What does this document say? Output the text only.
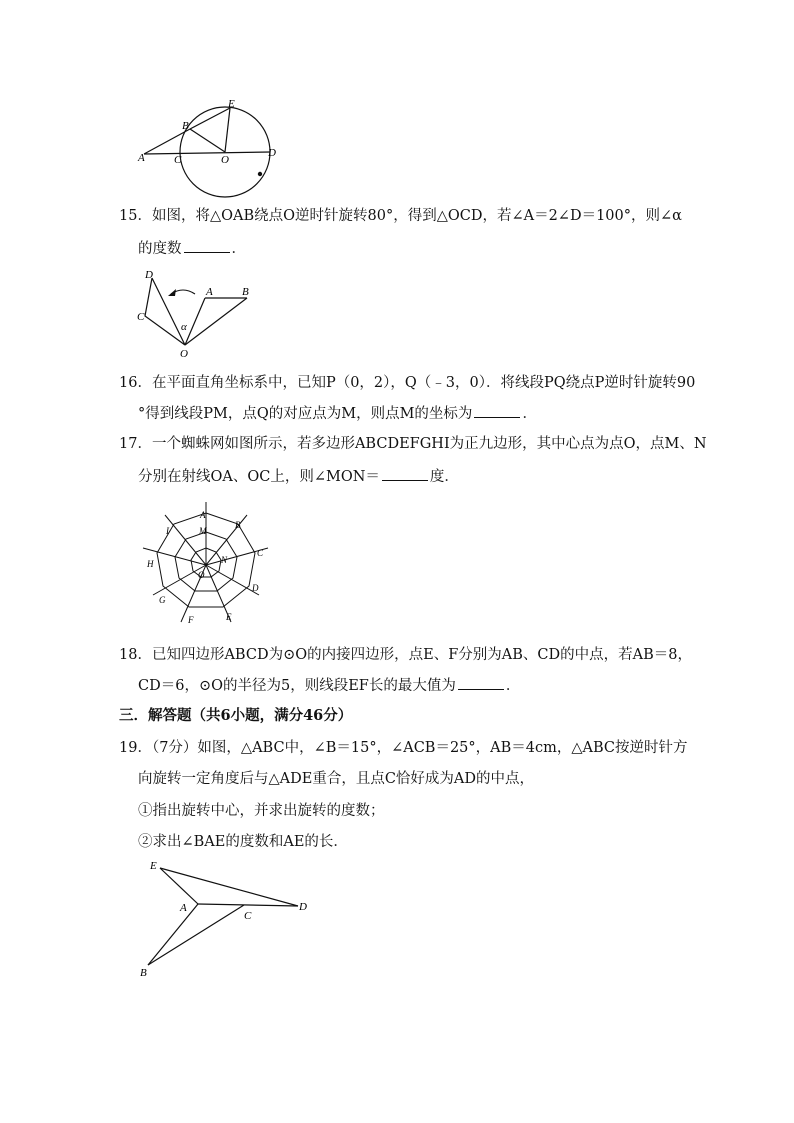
E
B
A	C	O
D
15．如图，将△OAB绕点O逆时针旋转80°，得到△OCD，若∠A＝2∠D＝100°，则∠α
的度数	．
D
A	B
C
α
O
16．在平面直角坐标系中，已知P（0，2），Q（﹣3，0）．将线段PQ绕点P逆时针旋转90
°得到线段PM，点Q的对应点为M，则点M的坐标为	．
17．一个蜘蛛网如图所示，若多边形ABCDEFGHI为正九边形，其中心点为点O，点M、N
分别在射线OA、OC上，则∠MON＝	度．
A
B
C
D
E
F
G
H
I	M
N
O
18．已知四边形ABCD为⊙O的内接四边形，点E、F分别为AB、CD的中点，若AB＝8，
CD＝6，⊙O的半径为5，则线段EF长的最大值为	．
三．解答题（共6小题，满分46分）
19．（7分）如图，△ABC中，∠B＝15°，∠ACB＝25°，AB＝4cm，△ABC按逆时针方
向旋转一定角度后与△ADE重合，且点C恰好成为AD的中点，
①指出旋转中心，并求出旋转的度数；
②求出∠BAE的度数和AE的长．
E
A
C
D
B
